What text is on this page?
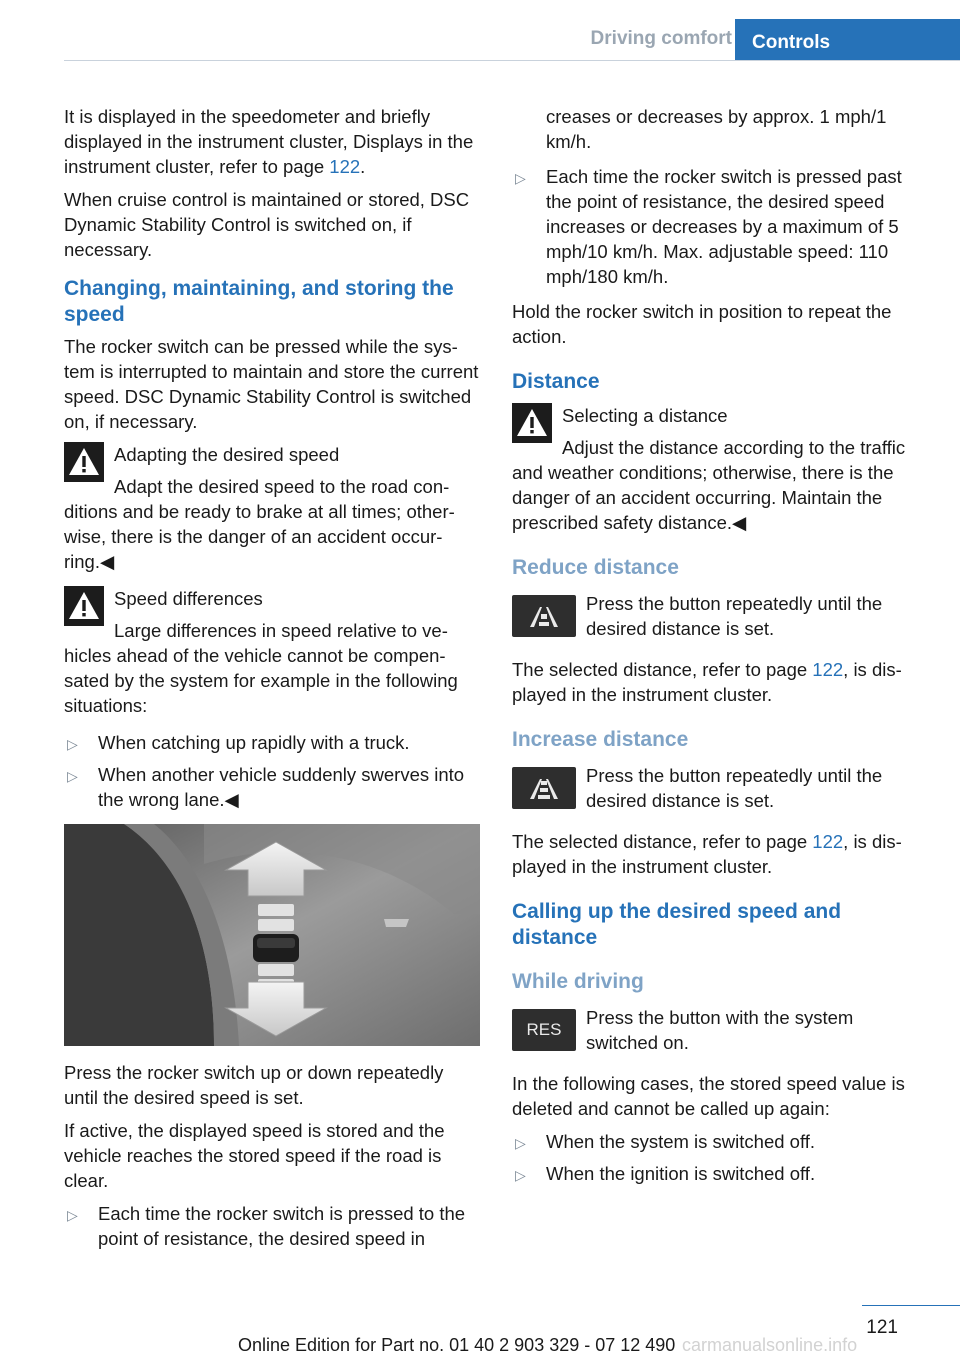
Driving comfort	Controls

It is displayed in the speedometer and briefly displayed in the instrument cluster, Displays in the instrument cluster, refer to page 122.

When cruise control is maintained or stored, DSC Dynamic Stability Control is switched on, if necessary.

Changing, maintaining, and storing the speed

The rocker switch can be pressed while the system is interrupted to maintain and store the current speed. DSC Dynamic Stability Control is switched on, if necessary.

Adapting the desired speed
Adapt the desired speed to the road conditions and be ready to brake at all times; otherwise, there is the danger of an accident occurring.◀
Speed differences
Large differences in speed relative to vehicles ahead of the vehicle cannot be compensated by the system for example in the following situations:
▷ When catching up rapidly with a truck.
▷ When another vehicle suddenly swerves into the wrong lane.◀

Press the rocker switch up or down repeatedly until the desired speed is set.

If active, the displayed speed is stored and the vehicle reaches the stored speed if the road is clear.

▷ Each time the rocker switch is pressed to the point of resistance, the desired speed in

creases or decreases by approx. 1 mph/1 km/h.

▷ Each time the rocker switch is pressed past the point of resistance, the desired speed increases or decreases by a maximum of 5 mph/10 km/h. Max. adjustable speed: 110 mph/180 km/h.

Hold the rocker switch in position to repeat the action.

Distance
Selecting a distance
Adjust the distance according to the traffic and weather conditions; otherwise, there is the danger of an accident occurring. Maintain the prescribed safety distance.◀
Reduce distance
Press the button repeatedly until the desired distance is set.

The selected distance, refer to page 122, is displayed in the instrument cluster.

Increase distance
Press the button repeatedly until the desired distance is set.

The selected distance, refer to page 122, is displayed in the instrument cluster.

Calling up the desired speed and distance
While driving
RES
Press the button with the system switched on.

In the following cases, the stored speed value is deleted and cannot be called up again:

▷ When the system is switched off.
▷ When the ignition is switched off.
121
Online Edition for Part no. 01 40 2 903 329 - 07 12 490 carmanualsonline.info
